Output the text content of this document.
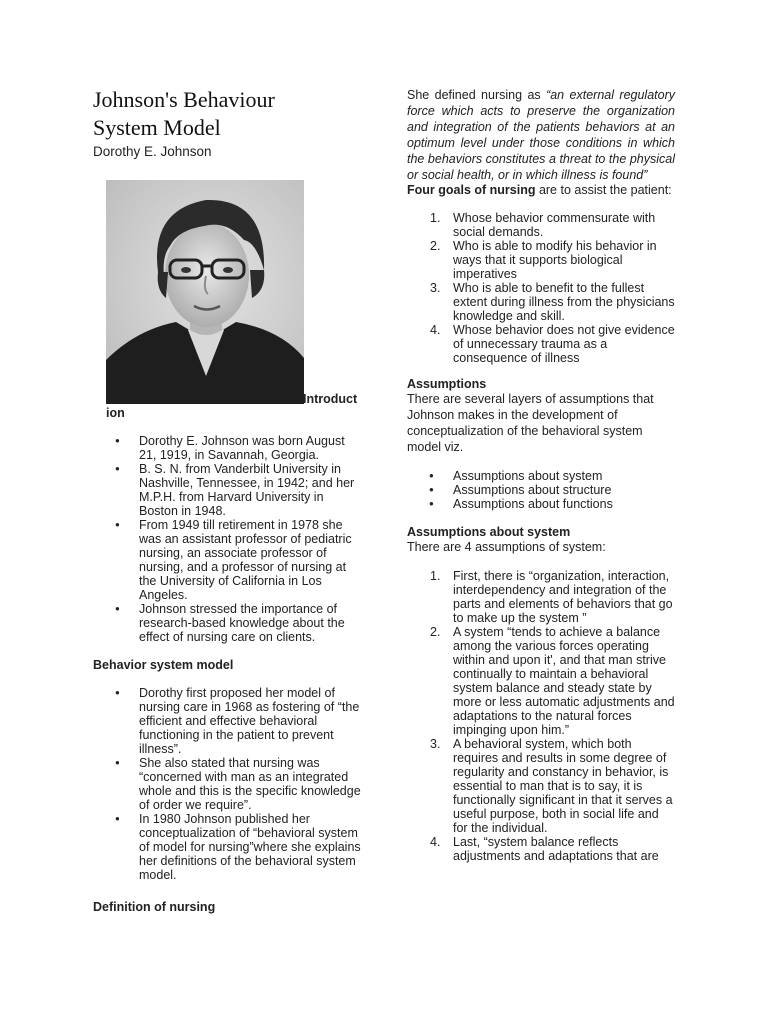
Johnson's Behaviour
System Model
Dorothy E. Johnson
Introduct
ion
● Dorothy E. Johnson was born August 21, 1919, in Savannah, Georgia.
● B. S. N. from Vanderbilt University in Nashville, Tennessee, in 1942; and her M.P.H. from Harvard University in Boston in 1948.
● From 1949 till retirement in 1978 she was an assistant professor of pediatric nursing, an associate professor of nursing, and a professor of nursing at the University of California in Los Angeles.
● Johnson stressed the importance of research-based knowledge about the effect of nursing care on clients.
Behavior system model
● Dorothy first proposed her model of nursing care in 1968 as fostering of “the efficient and effective behavioral functioning in the patient to prevent illness”.
● She also stated that nursing was “concerned with man as an integrated whole and this is the specific knowledge of order we require”.
● In 1980 Johnson published her conceptualization of “behavioral system of model for nursing”where she explains her definitions of the behavioral system model.
Definition of nursing

She defined nursing as “an external regulatory force which acts to preserve the organization and integration of the patients behaviors at an optimum level under those conditions in which the behaviors constitutes a threat to the physical or social health, or in which illness is found”

Four goals of nursing are to assist the patient:

1. Whose behavior commensurate with social demands.
2. Who is able to modify his behavior in ways that it supports biological imperatives
3. Who is able to benefit to the fullest extent during illness from the physicians knowledge and skill.
4. Whose behavior does not give evidence of unnecessary trauma as a consequence of illness
Assumptions

There are several layers of assumptions that Johnson makes in the development of conceptualization of the behavioral system model viz.

● Assumptions about system
● Assumptions about structure
● Assumptions about functions
Assumptions about system

There are 4 assumptions of system:

1. First, there is “organization, interaction, interdependency and integration of the parts and elements of behaviors that go to make up the system ”
2. A system “tends to achieve a balance among the various forces operating within and upon it', and that man strive continually to maintain a behavioral system balance and steady state by more or less automatic adjustments and adaptations to the natural forces impinging upon him.”
3. A behavioral system, which both requires and results in some degree of regularity and constancy in behavior, is essential to man that is to say, it is functionally significant in that it serves a useful purpose, both in social life and for the individual.
4. Last, “system balance reflects adjustments and adaptations that are
